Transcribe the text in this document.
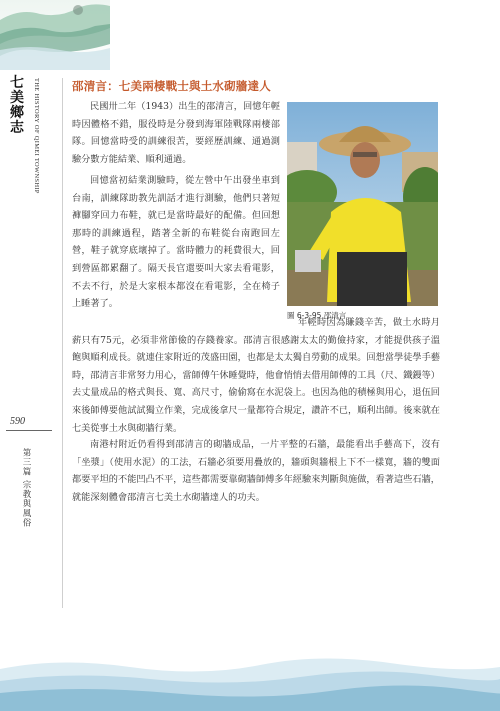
七美鄉志	THE HISTORY OF QIMEI TOWNSHIP
590
第三篇 宗教與風俗
邵清言：七美兩棲戰士與土水砌牆達人

民國卅二年（1943）出生的邵清言，回憶年輕時因體格不錯，服役時是分發到海軍陸戰隊兩棲部隊。回憶當時受的訓練很苦，要經歷訓練、通過測驗分數方能結業、順利通過。

回憶當初結業測驗時，從左營中午出發坐車到台南，訓練隊助教先訓話才進行測驗，他們只著短褲腳穿回力布鞋，就已是當時最好的配備。但回想那時的訓練過程，踏著全新的布鞋從台南跑回左營，鞋子就穿底壞掉了。當時體力的耗費很大，回到營區都累翻了。隔天長官還要叫大家去看電影，不去不行，於是大家根本都沒在看電影，全在椅子上睡著了。

年輕時因為賺錢辛苦，做土水時月薪只有75元，必須非常節儉的存錢養家。邵清言很感謝太太的勤儉持家，才能提供孩子溫飽與順利成長。就連住家附近的茂盛田園，也都是太太獨自勞動的成果。回想當學徒學手藝時，邵清言非常努力用心，當師傅午休睡覺時，他會悄悄去借用師傅的工具（尺、鐵鏝等）去丈量成品的格式與長、寬、高尺寸，偷偷寫在水泥袋上。也因為他的積極與用心，退伍回來後師傅要他試試獨立作業，完成後拿尺一量都符合規定，讚許不已，順利出師。後來就在七美從事土水與砌牆行業。

南港村附近仍看得到邵清言的砌牆成品，一片平整的石牆，最能看出手藝高下，沒有「坐漿」（使用水泥）的工法，石牆必須要用疊放的，牆頭與牆根上下不一樣寬，牆的雙面都要平坦的不能凹凸不平，這些都需要靠砌牆師傅多年經驗來判斷與施做，看著這些石牆，就能深刻體會邵清言七美土水砌牆達人的功夫。

圖 6-3-95 邵清言
